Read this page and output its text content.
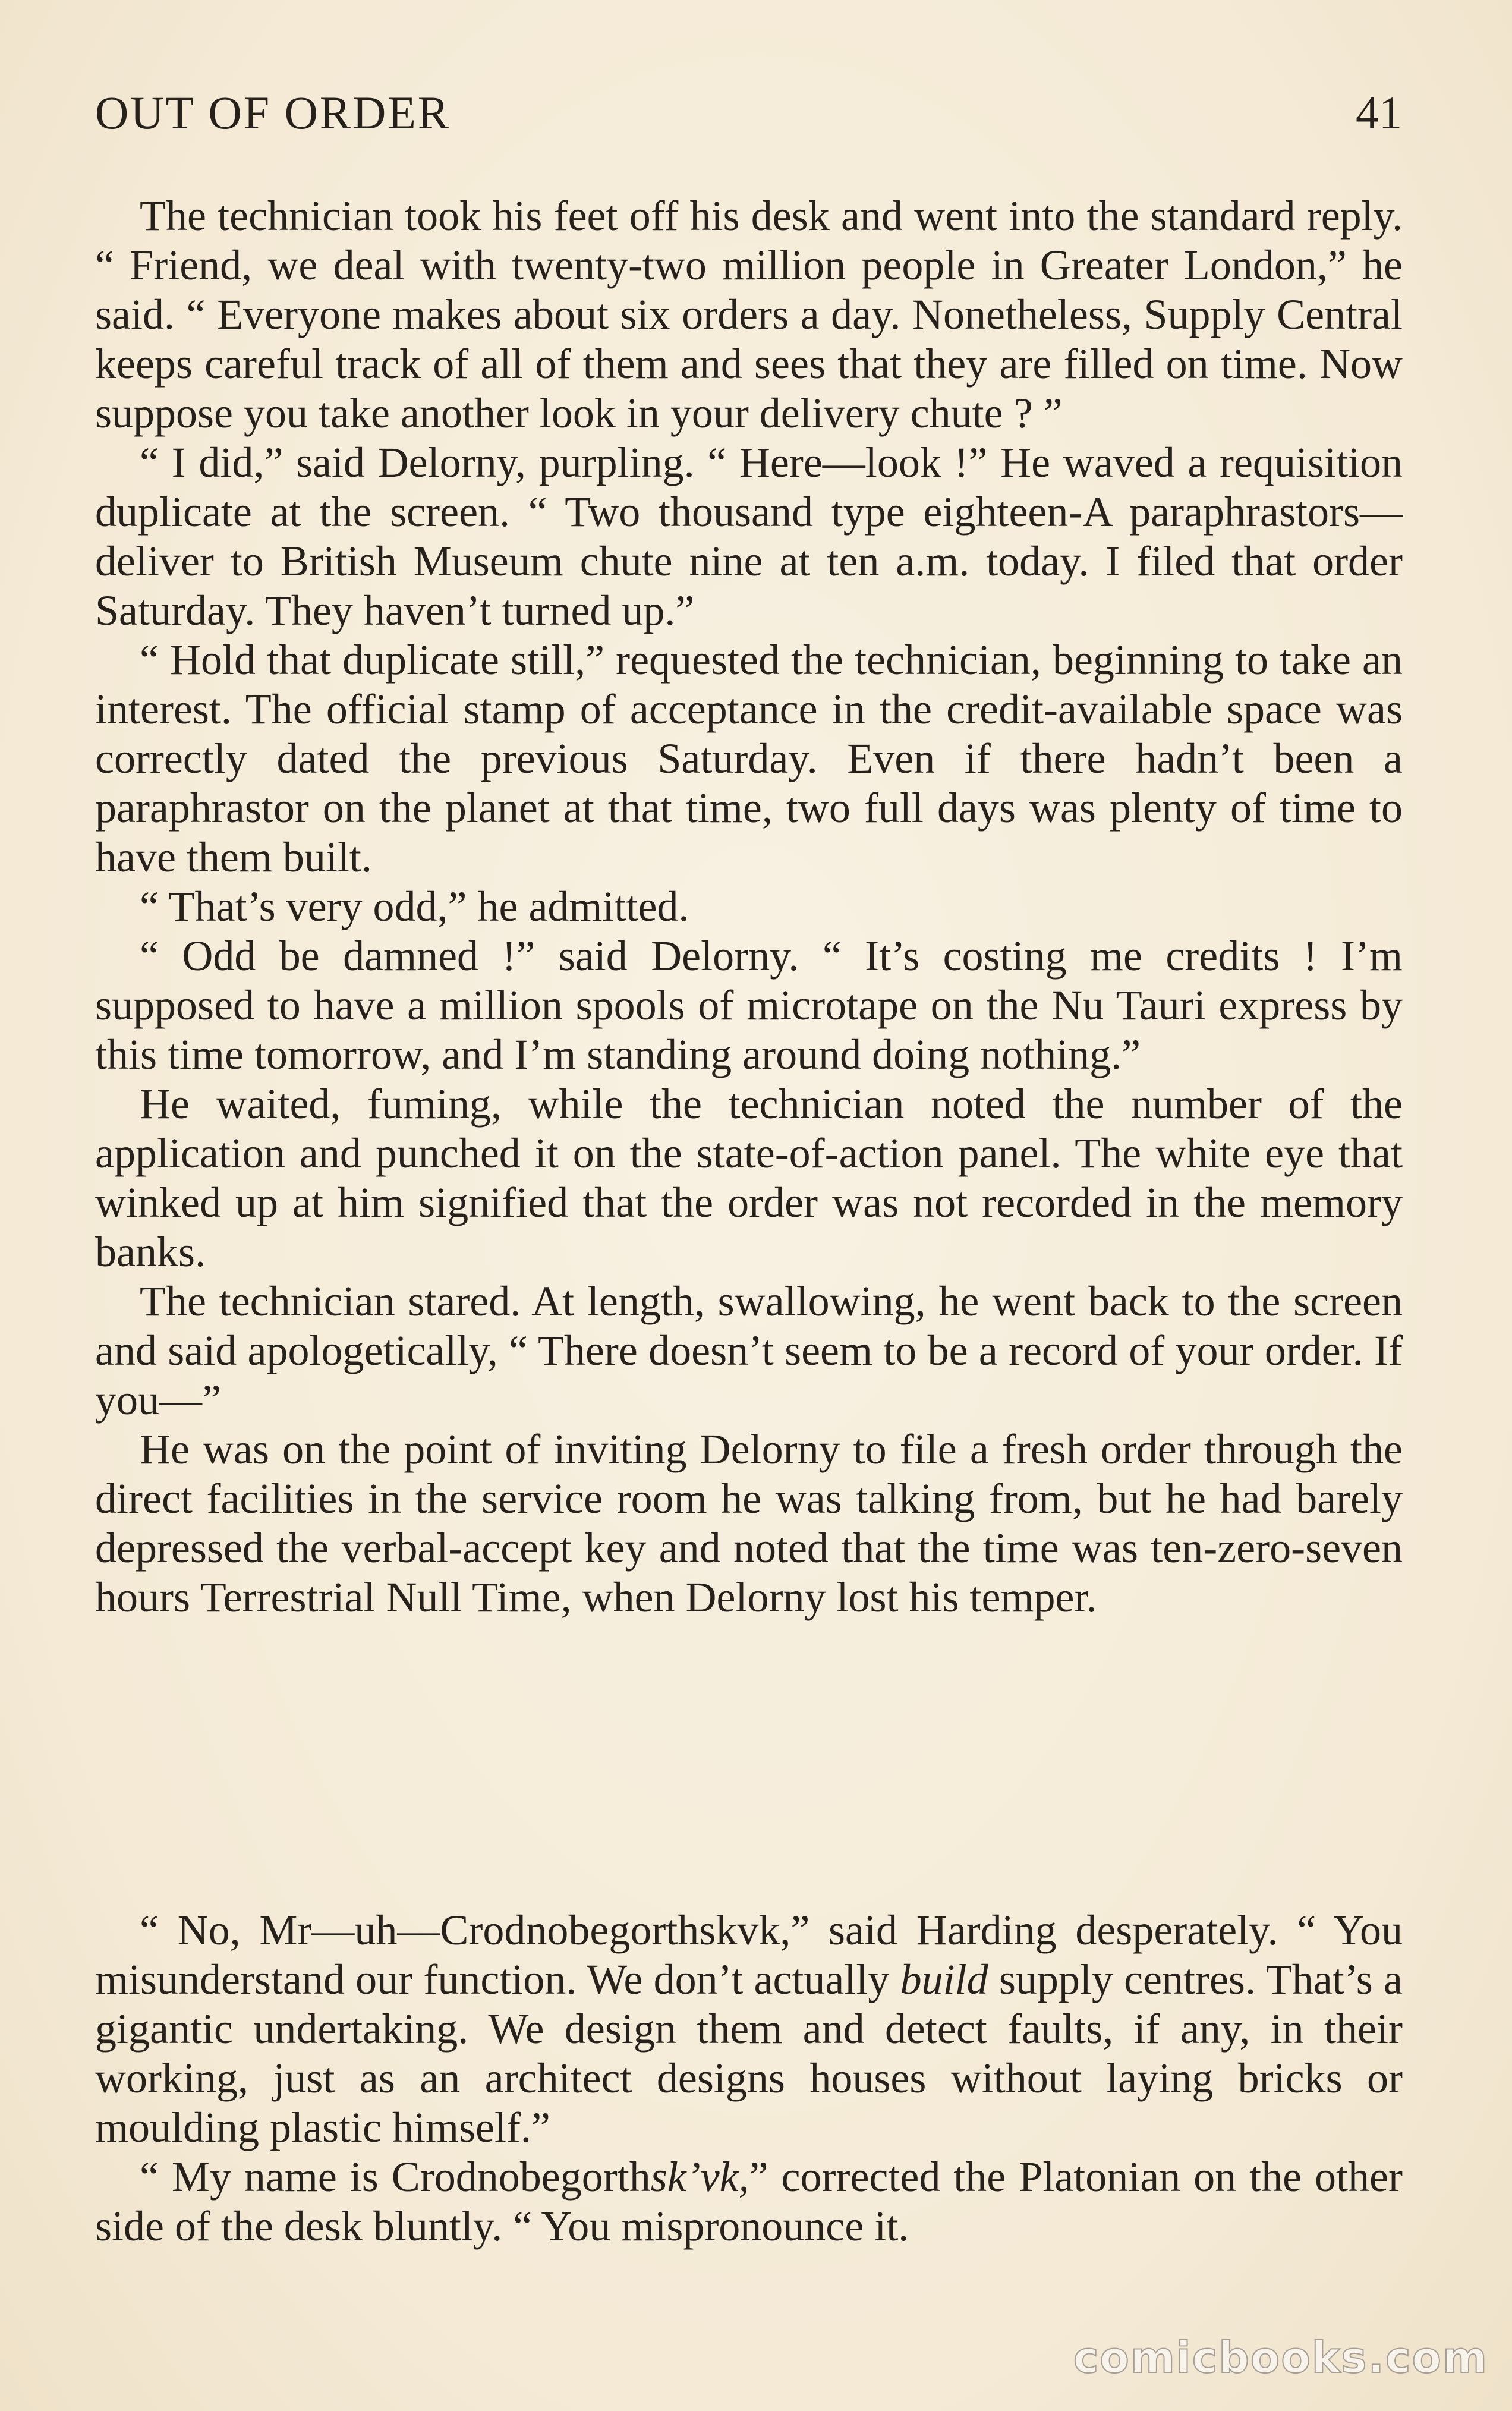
OUT OF ORDER	41

The technician took his feet off his desk and went into the standard reply. “ Friend, we deal with twenty-two million people in Greater London,” he said. “ Everyone makes about six orders a day. Nonetheless, Supply Central keeps careful track of all of them and sees that they are filled on time. Now suppose you take another look in your delivery chute ? ”

“ I did,” said Delorny, purpling. “ Here—look !” He waved a requisition duplicate at the screen. “ Two thousand type eighteen-A paraphrastors—deliver to British Museum chute nine at ten a.m. today. I filed that order Saturday. They haven’t turned up.”

“ Hold that duplicate still,” requested the technician, beginning to take an interest. The official stamp of acceptance in the credit-available space was correctly dated the previous Saturday. Even if there hadn’t been a paraphrastor on the planet at that time, two full days was plenty of time to have them built.

“ That’s very odd,” he admitted.

“ Odd be damned !” said Delorny. “ It’s costing me credits ! I’m supposed to have a million spools of microtape on the Nu Tauri express by this time tomorrow, and I’m standing around doing nothing.”

He waited, fuming, while the technician noted the number of the application and punched it on the state-of-action panel. The white eye that winked up at him signified that the order was not recorded in the memory banks.

The technician stared. At length, swallowing, he went back to the screen and said apologetically, “ There doesn’t seem to be a record of your order. If you—”

He was on the point of inviting Delorny to file a fresh order through the direct facilities in the service room he was talking from, but he had barely depressed the verbal-accept key and noted that the time was ten-zero-seven hours Terrestrial Null Time, when Delorny lost his temper.

“ No, Mr—uh—Crodnobegorthskvk,” said Harding desperately. “ You misunderstand our function. We don’t actually build supply centres. That’s a gigantic undertaking. We design them and detect faults, if any, in their working, just as an architect designs houses without laying bricks or moulding plastic himself.”

“ My name is Crodnobegorthsk’vk,” corrected the Platonian on the other side of the desk bluntly. “ You mispronounce it.

comicbooks.com
